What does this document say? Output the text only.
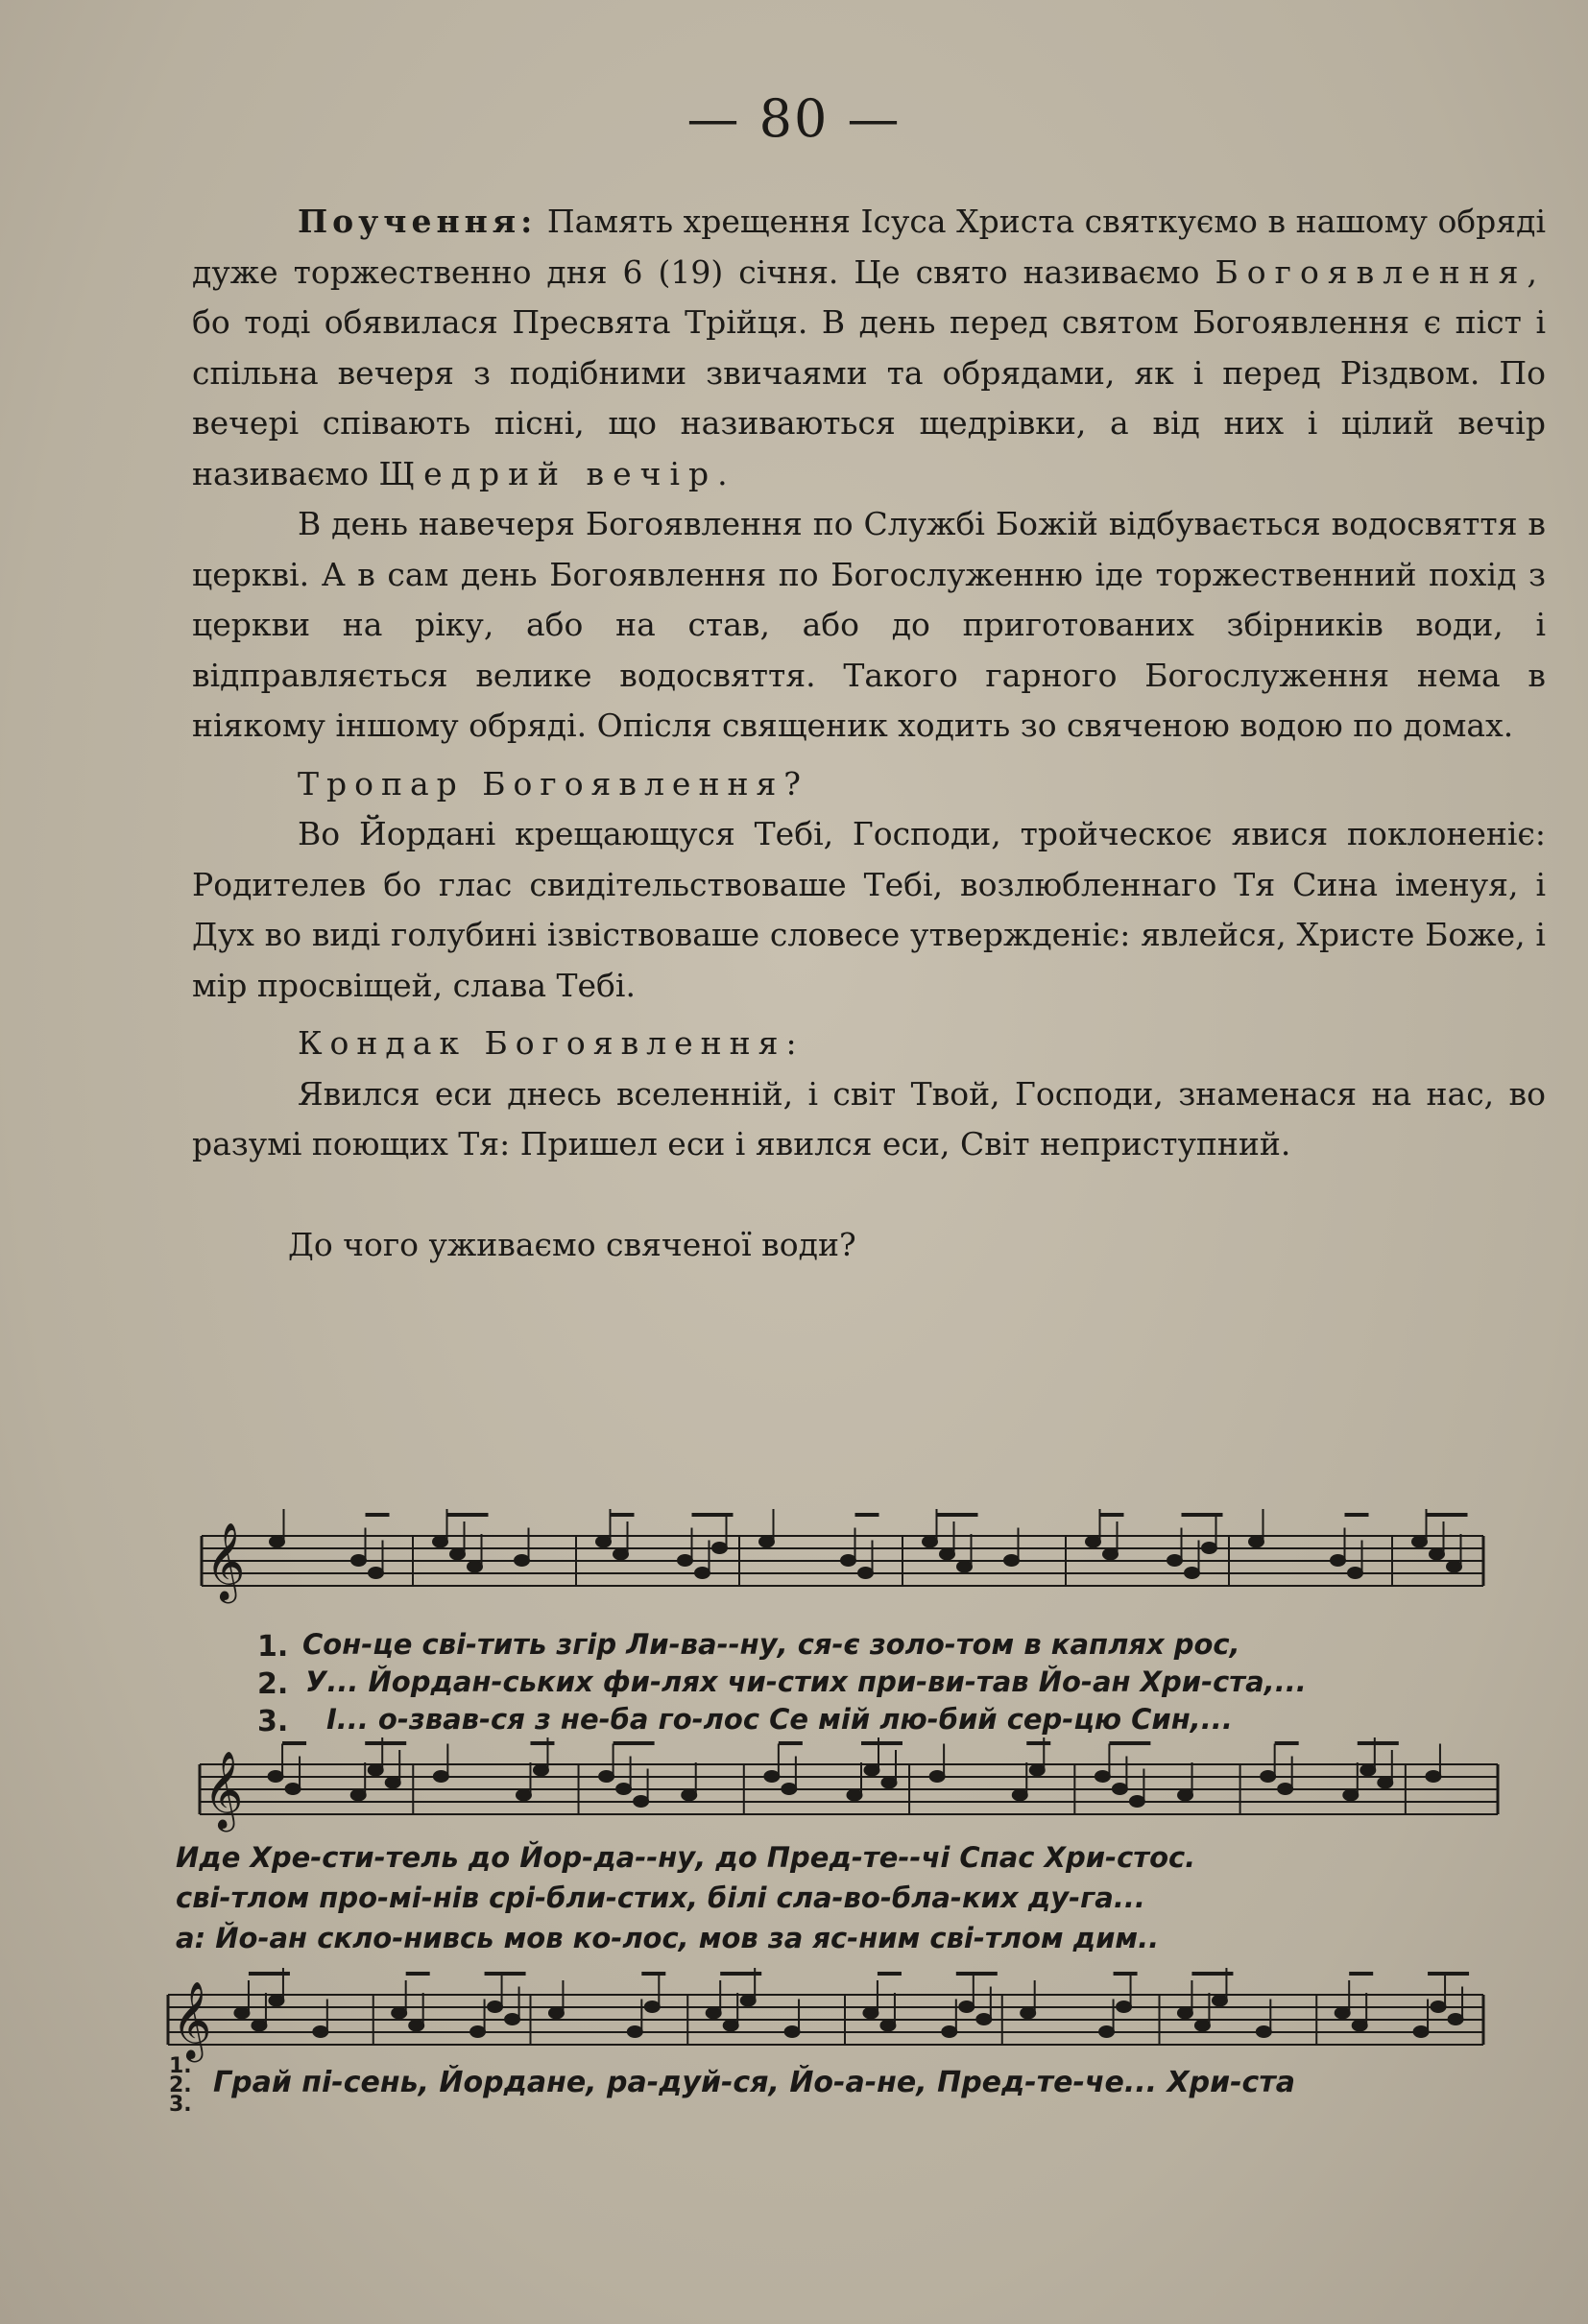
— 80 —

Поучення: Память хрещення Ісуса Христа святкуємо в нашому обряді дуже торжественно дня 6 (19) січня. Це свято називаємо Богоявлення, бо тоді обявилася Пресвята Трійця. В день перед святом Богоявлення є піст і спільна вечеря з подібними звичаями та обрядами, як і перед Різдвом. По вечері співають пісні, що називаються щедрівки, а від них і цілий вечір називаємо Щедрий вечір.

В день навечеря Богоявлення по Службі Божій відбувається водосвяття в церкві. А в сам день Богоявлення по Богослуженню іде торжественний похід з церкви на ріку, або на став, або до приготованих збірників води, і відправляється велике водосвяття. Такого гарного Богослуження нема в ніякому іншому обряді. Опісля священик ходить зо свяченою водою по домах.

Тропар Богоявлення?

Во Йордані крещающуся Тебі, Господи, тройческоє явися поклоненіє: Родителев бо глас свидітельствоваше Тебі, возлюбленнаго Тя Сина іменуя, і Дух во виді голубині ізвіствоваше словесе утвержденіє: явлейся, Христе Боже, і мір просвіщей, слава Тебі.

Кондак Богоявлення:

Явился еси днесь вселенній, і світ Твой, Господи, знаменася на нас, во разумі поющих Тя: Пришел еси і явился еси, Світ неприступний.

До чого уживаємо свяченої води?

𝄞
𝄞
𝄞
1. Сон-це сві-тить згір Ли-ва--ну, ся-є золо-том в каплях рос,
2. У... Йордан-ських фи-лях чи-стих при-ви-тав Йо-ан Хри-ста,...
3. І... о-звав-ся з не-ба го-лос Се мій лю-бий сер-цю Син,...
Иде Хре-сти-тель до Йор-да--ну, до Пред-те--чі Спас Хри-стос.
сві-тлом про-мі-нів срі-бли-стих, білі сла-во-бла-ких ду-га...
а: Йо-ан скло-нивсь мов ко-лос, мов за яс-ним сві-тлом дим..
1.
2.
3.
Грай пі-сень, Йордане, ра-дуй-ся, Йо-а-не, Пред-те-че... Хри-ста
